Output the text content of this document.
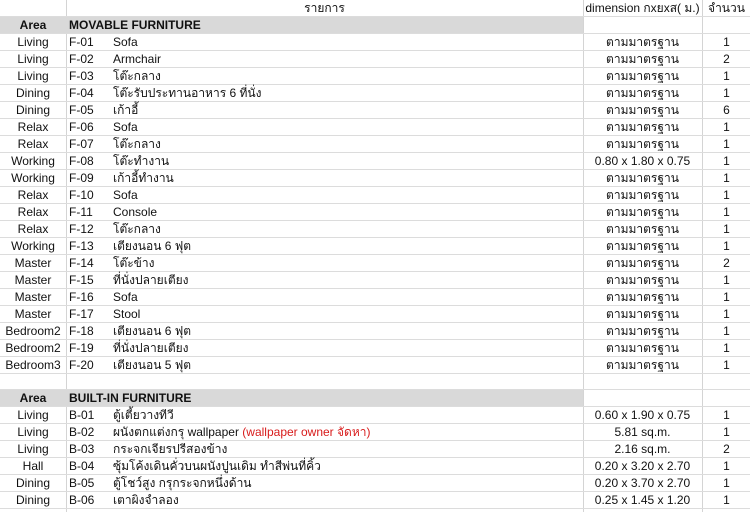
รายการ	dimension กxยxส( ม.) จำนวน
Area	MOVABLE FURNITURE
Living	F-01 Sofa	ตามมาตรฐาน	1
Living	F-02 Armchair	ตามมาตรฐาน	2
Living	F-03 โต๊ะกลาง	ตามมาตรฐาน	1
Dining	F-04 โต๊ะรับประทานอาหาร 6 ที่นั่ง	ตามมาตรฐาน	1
Dining	F-05 เก้าอี้	ตามมาตรฐาน	6
Relax	F-06 Sofa	ตามมาตรฐาน	1
Relax	F-07 โต๊ะกลาง	ตามมาตรฐาน	1
Working	F-08 โต๊ะทำงาน	0.80 x 1.80 x 0.75	1
Working	F-09 เก้าอี้ทำงาน	ตามมาตรฐาน	1
Relax	F-10 Sofa	ตามมาตรฐาน	1
Relax	F-11 Console	ตามมาตรฐาน	1
Relax	F-12 โต๊ะกลาง	ตามมาตรฐาน	1
Working	F-13 เตียงนอน 6 ฟุต	ตามมาตรฐาน	1
Master	F-14 โต๊ะข้าง	ตามมาตรฐาน	2
Master	F-15 ที่นั่งปลายเตียง	ตามมาตรฐาน	1
Master	F-16 Sofa	ตามมาตรฐาน	1
Master	F-17 Stool	ตามมาตรฐาน	1
Bedroom2 F-18 เตียงนอน 6 ฟุต	ตามมาตรฐาน	1
Bedroom2 F-19 ที่นั่งปลายเตียง	ตามมาตรฐาน	1
Bedroom3 F-20 เตียงนอน 5 ฟุต	ตามมาตรฐาน	1
Area	BUILT-IN FURNITURE
Living	B-01 ตู้เตี้ยวางทีวี	0.60 x 1.90 x 0.75	1
Living	B-02 ผนังตกแต่งกรุ wallpaper (wallpaper owner จัดหา)	5.81 sq.m.	1
Living	B-03 กระจกเจียรปรีสองข้าง	2.16 sq.m.	2
Hall	B-04 ซุ้มโค้งเดินคั่วบนผนังปูนเดิม ทำสีพ่นที่คิ้ว	0.20 x 3.20 x 2.70	1
Dining	B-05 ตู้โชว์สูง กรุกระจกหนึ่งด้าน	0.20 x 3.70 x 2.70	1
Dining	B-06 เตาผิงจำลอง	0.25 x 1.45 x 1.20	1
